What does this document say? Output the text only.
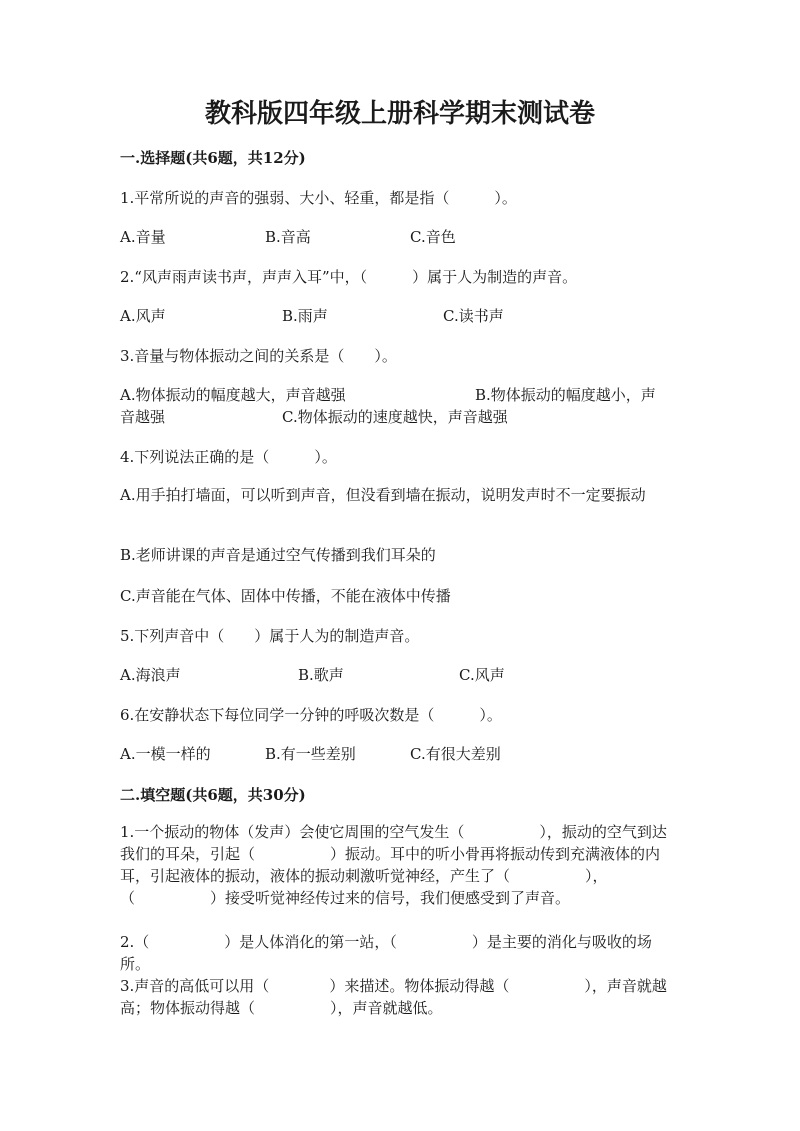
教科版四年级上册科学期末测试卷
一.选择题(共6题，共12分)
1.平常所说的声音的强弱、大小、轻重，都是指（　　　）。
A.音量	B.音高	C.音色
2.“风声雨声读书声，声声入耳”中，（　　　）属于人为制造的声音。
A.风声	B.雨声	C.读书声
3.音量与物体振动之间的关系是（　　）。
A.物体振动的幅度越大，声音越强	B.物体振动的幅度越小，声
音越强	C.物体振动的速度越快，声音越强
4.下列说法正确的是（　　　）。
A.用手拍打墙面，可以听到声音，但没看到墙在振动，说明发声时不一定要振动
B.老师讲课的声音是通过空气传播到我们耳朵的
C.声音能在气体、固体中传播，不能在液体中传播
5.下列声音中（　　）属于人为的制造声音。
A.海浪声	B.歌声	C.风声
6.在安静状态下每位同学一分钟的呼吸次数是（　　　）。
A.一模一样的	B.有一些差别	C.有很大差别
二.填空题(共6题，共30分)
1.一个振动的物体（发声）会使它周围的空气发生（　　　　　），振动的空气到达我们的耳朵，引起（　　　　　）振动。耳中的听小骨再将振动传到充满液体的内耳，引起液体的振动，液体的振动刺激听觉神经，产生了（　　　　　），（　　　　　）接受听觉神经传过来的信号，我们便感受到了声音。
2.（　　　　　）是人体消化的第一站，（　　　　　）是主要的消化与吸收的场所。
3.声音的高低可以用（　　　　）来描述。物体振动得越（　　　　　），声音就越高；物体振动得越（　　　　　），声音就越低。
